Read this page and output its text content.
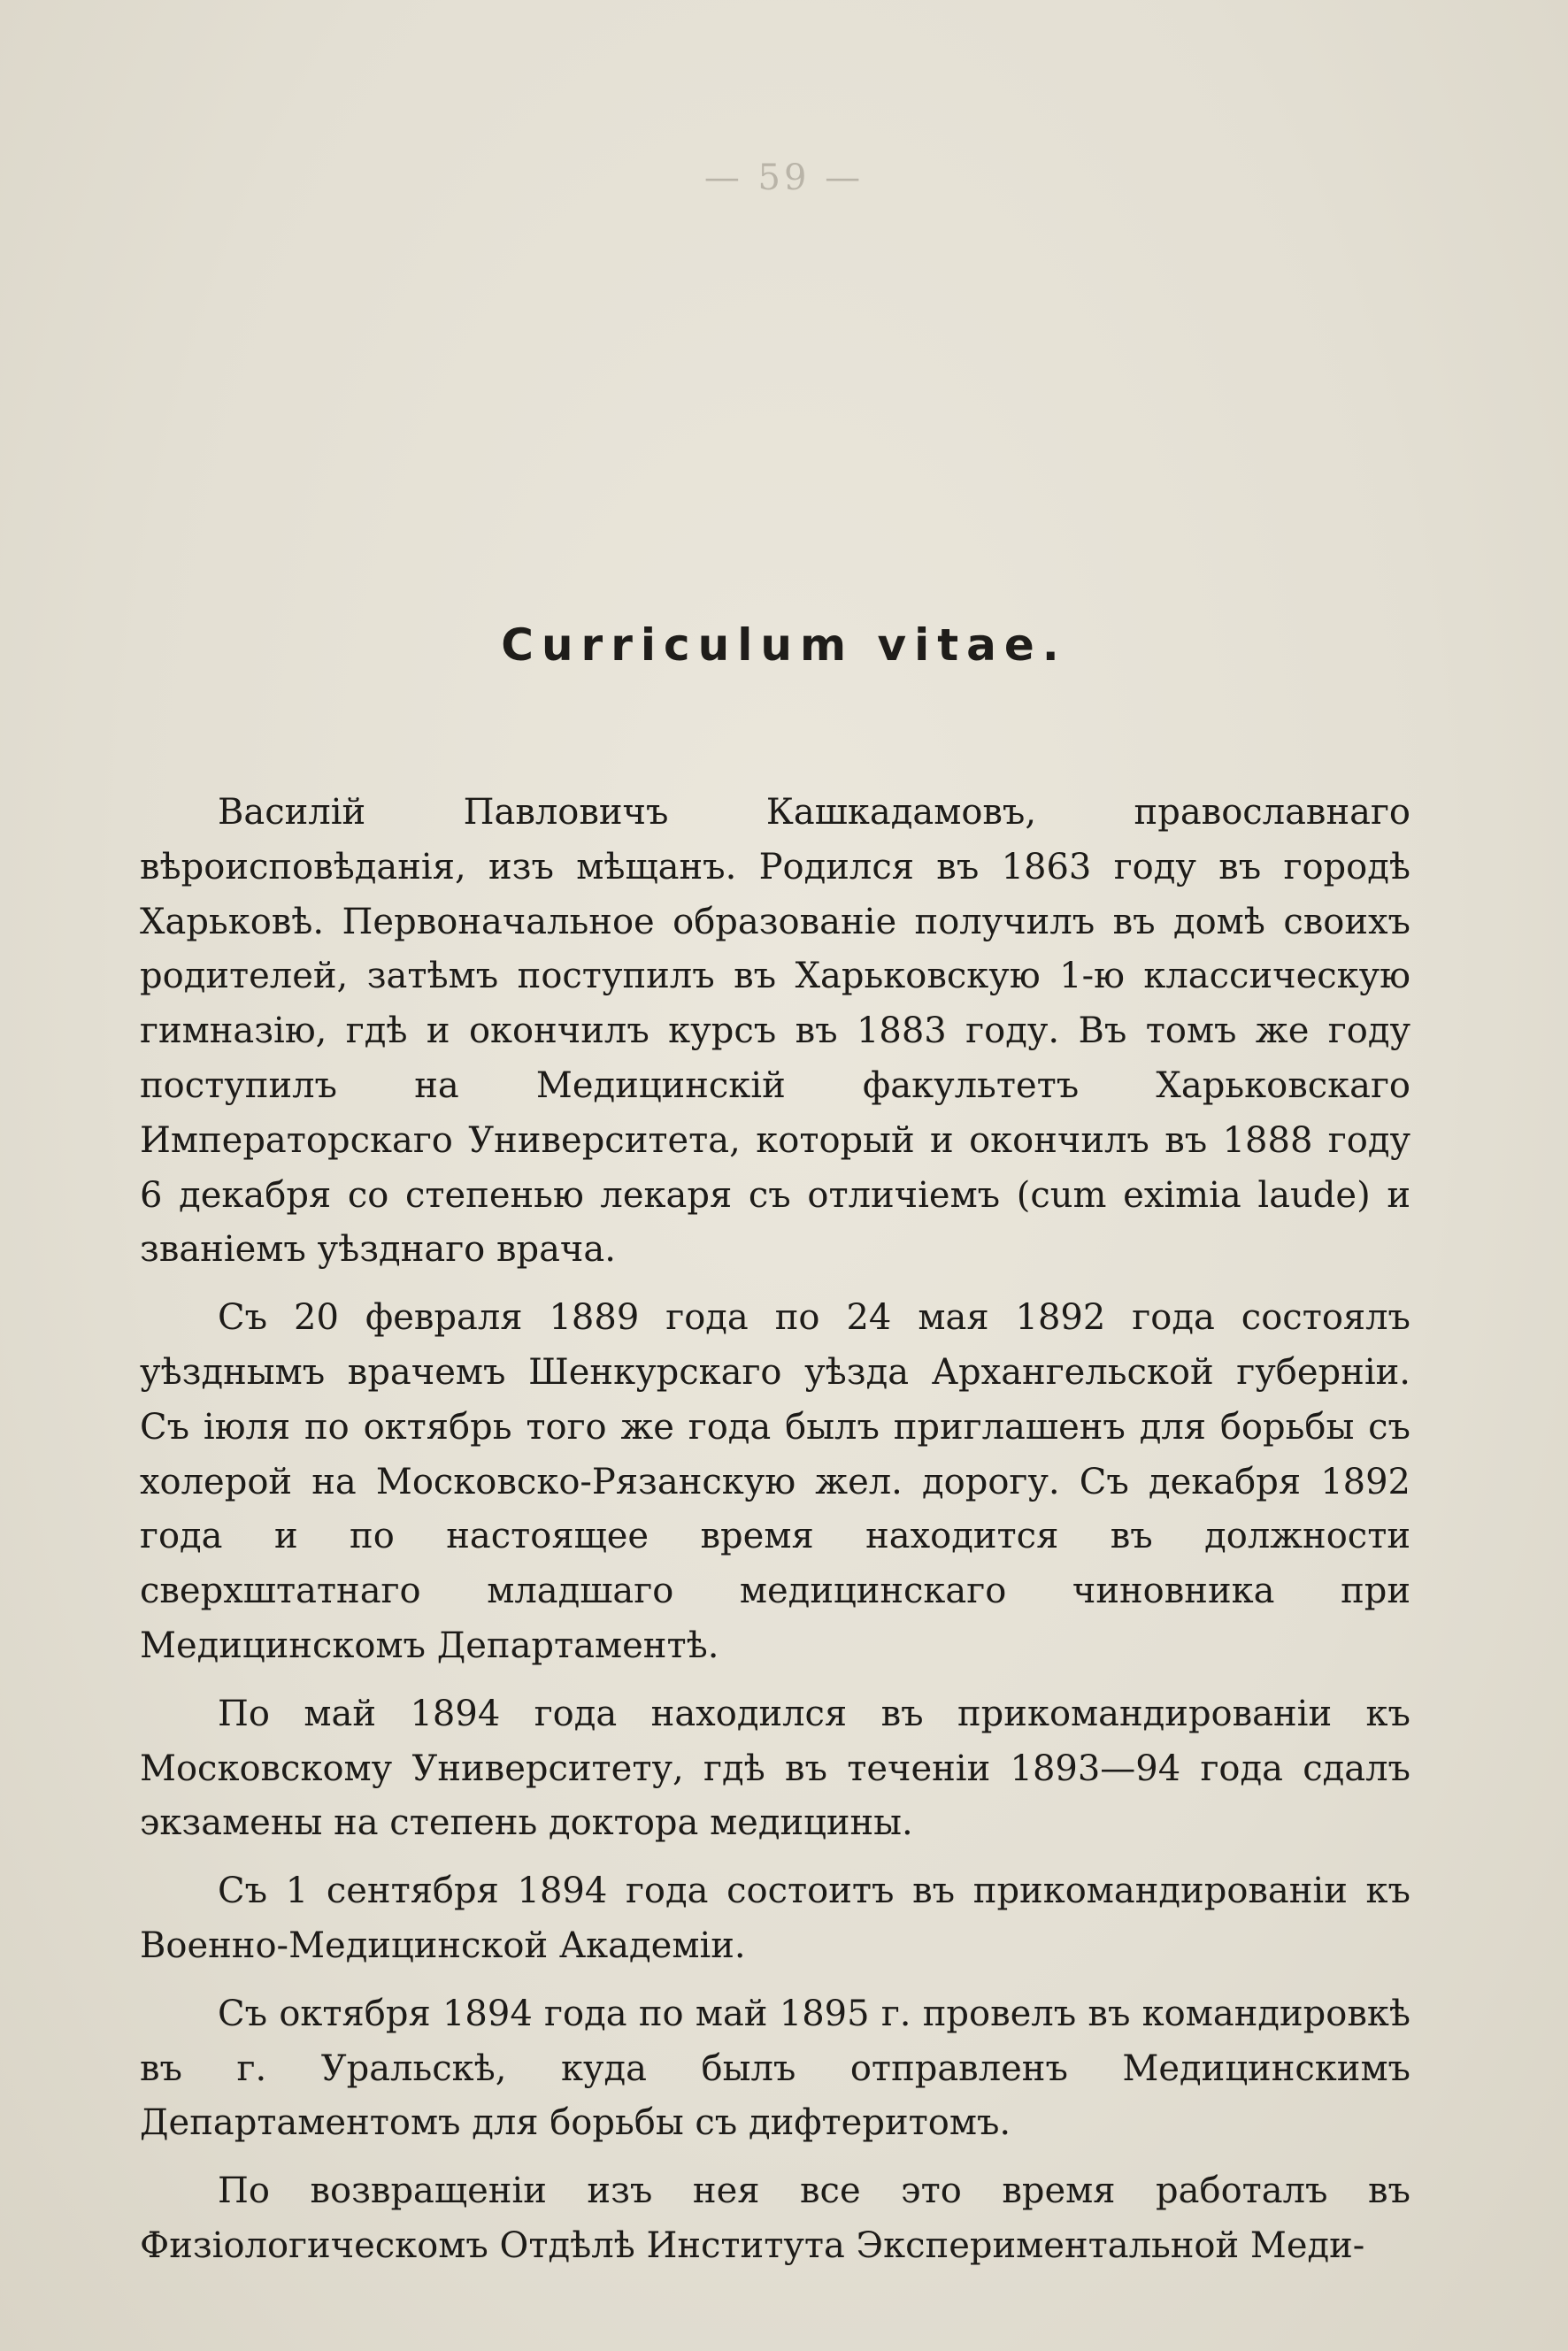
— 59 —
Curriculum vitae.

Василій Павловичъ Кашкадамовъ, православнаго вѣроисповѣданія, изъ мѣщанъ. Родился въ 1863 году въ городѣ Харьковѣ. Первоначальное образованіе получилъ въ домѣ своихъ родителей, затѣмъ поступилъ въ Харьковскую 1-ю классическую гимназію, гдѣ и окончилъ курсъ въ 1883 году. Въ томъ же году поступилъ на Медицинскій факультетъ Харьковскаго Императорскаго Университета, который и окончилъ въ 1888 году 6 декабря со степенью лекаря съ отличіемъ (cum eximia laude) и званіемъ уѣзднаго врача.

Съ 20 февраля 1889 года по 24 мая 1892 года состоялъ уѣзднымъ врачемъ Шенкурскаго уѣзда Архангельской губерніи. Съ іюля по октябрь того же года былъ приглашенъ для борьбы съ холерой на Московско-Рязанскую жел. дорогу. Съ декабря 1892 года и по настоящее время находится въ должности сверхштатнаго младшаго медицинскаго чиновника при Медицинскомъ Департаментѣ.

По май 1894 года находился въ прикомандированіи къ Московскому Университету, гдѣ въ теченіи 1893—94 года сдалъ экзамены на степень доктора медицины.

Съ 1 сентября 1894 года состоитъ въ прикомандированіи къ Военно-Медицинской Академіи.

Съ октября 1894 года по май 1895 г. провелъ въ командировкѣ въ г. Уральскѣ, куда былъ отправленъ Медицинскимъ Департаментомъ для борьбы съ дифтеритомъ.

По возвращеніи изъ нея все это время работалъ въ Физіологическомъ Отдѣлѣ Института Экспериментальной Меди-
